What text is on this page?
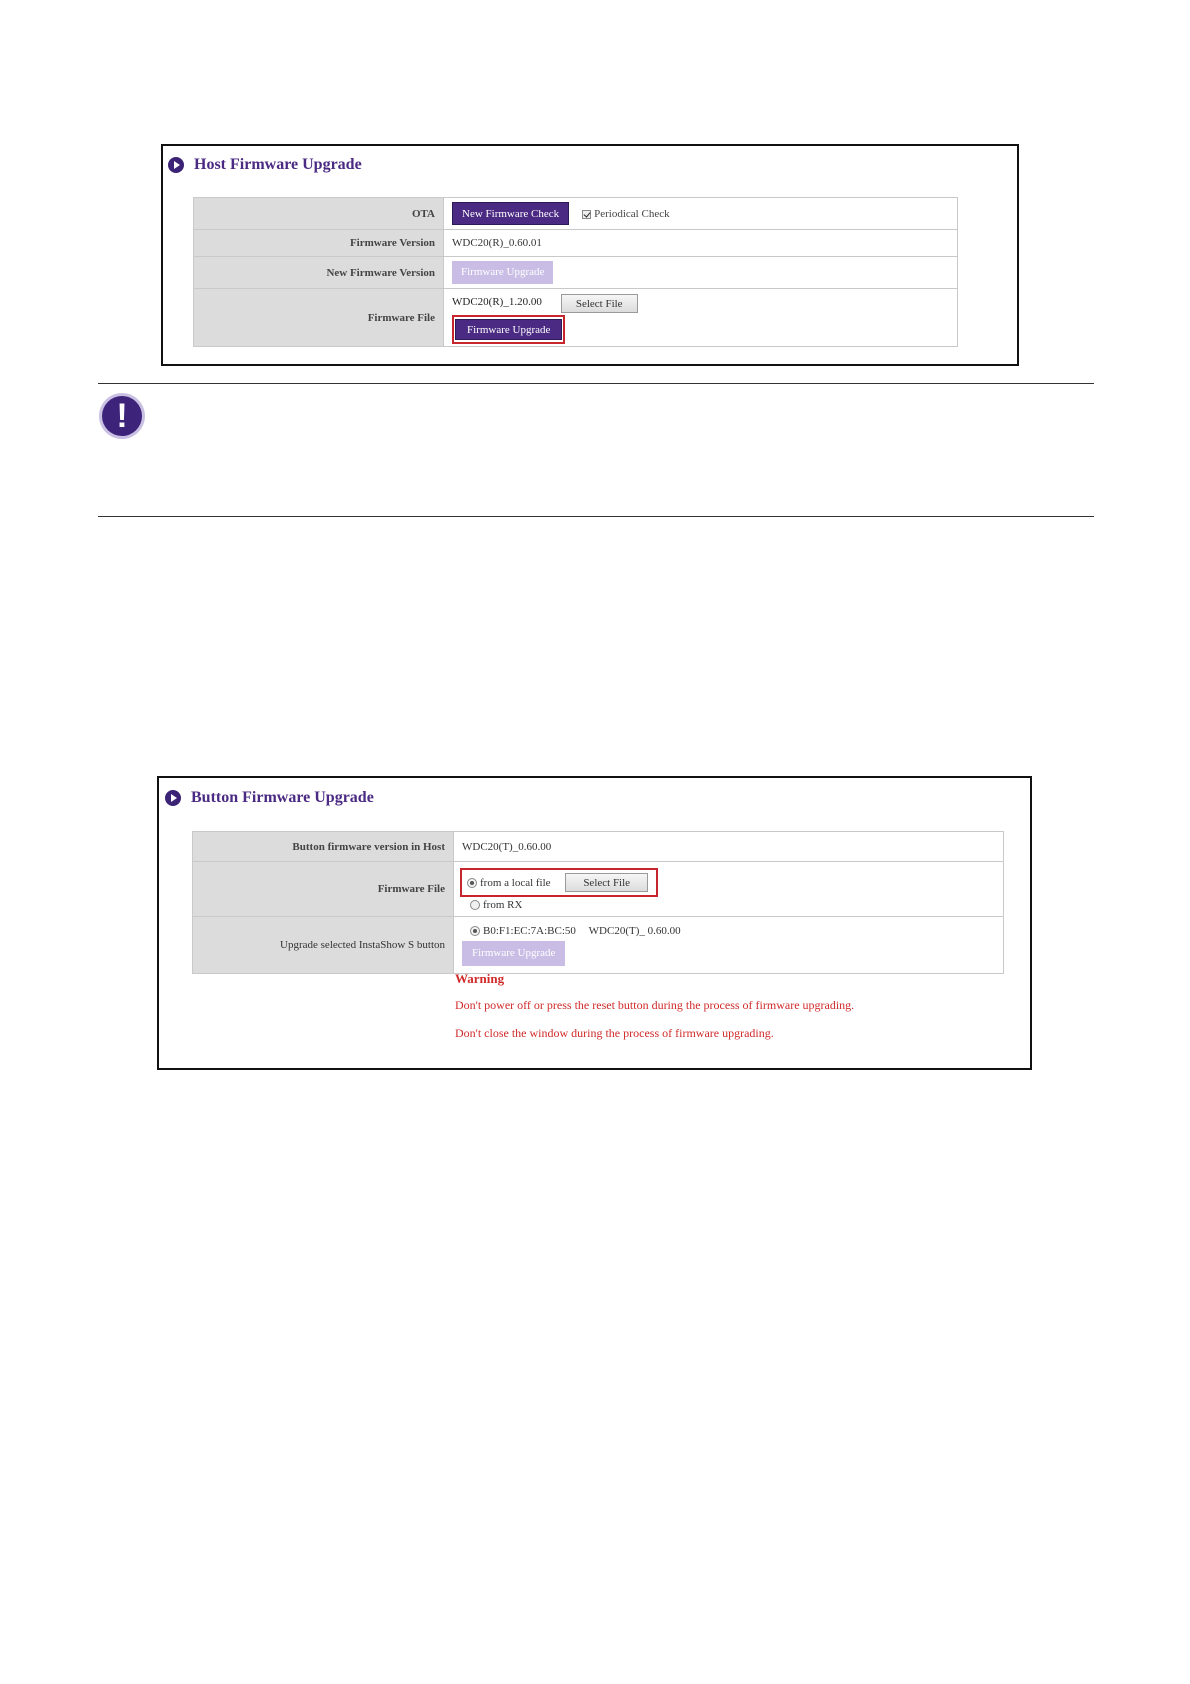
Host Firmware Upgrade
OTA	New Firmware Check Periodical Check
Firmware Version	WDC20(R)_0.60.01
New Firmware Version	Firmware Upgrade
Firmware File	WDC20(R)_1.20.00 Select File
Firmware Upgrade
!
Button Firmware Upgrade
Button firmware version in Host	WDC20(T)_0.60.00
Firmware File	from a local file Select File
from RX

Upgrade selected InstaShow S button	B0:F1:EC:7A:BC:50 WDC20(T)_ 0.60.00
Firmware Upgrade
Warning
Don't power off or press the reset button during the process of firmware upgrading.
Don't close the window during the process of firmware upgrading.
